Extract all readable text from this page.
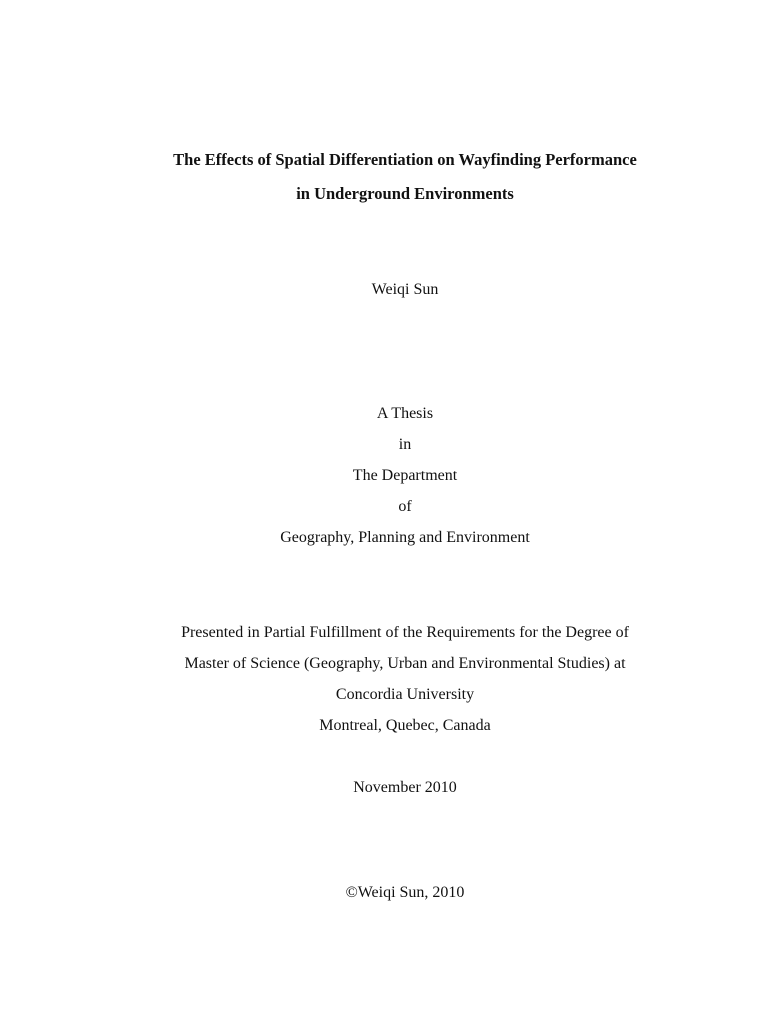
The Effects of Spatial Differentiation on Wayfinding Performance
in Underground Environments
Weiqi Sun
A Thesis
in
The Department
of
Geography, Planning and Environment
Presented in Partial Fulfillment of the Requirements for the Degree of
Master of Science (Geography, Urban and Environmental Studies) at
Concordia University
Montreal, Quebec, Canada
November 2010
©Weiqi Sun, 2010
